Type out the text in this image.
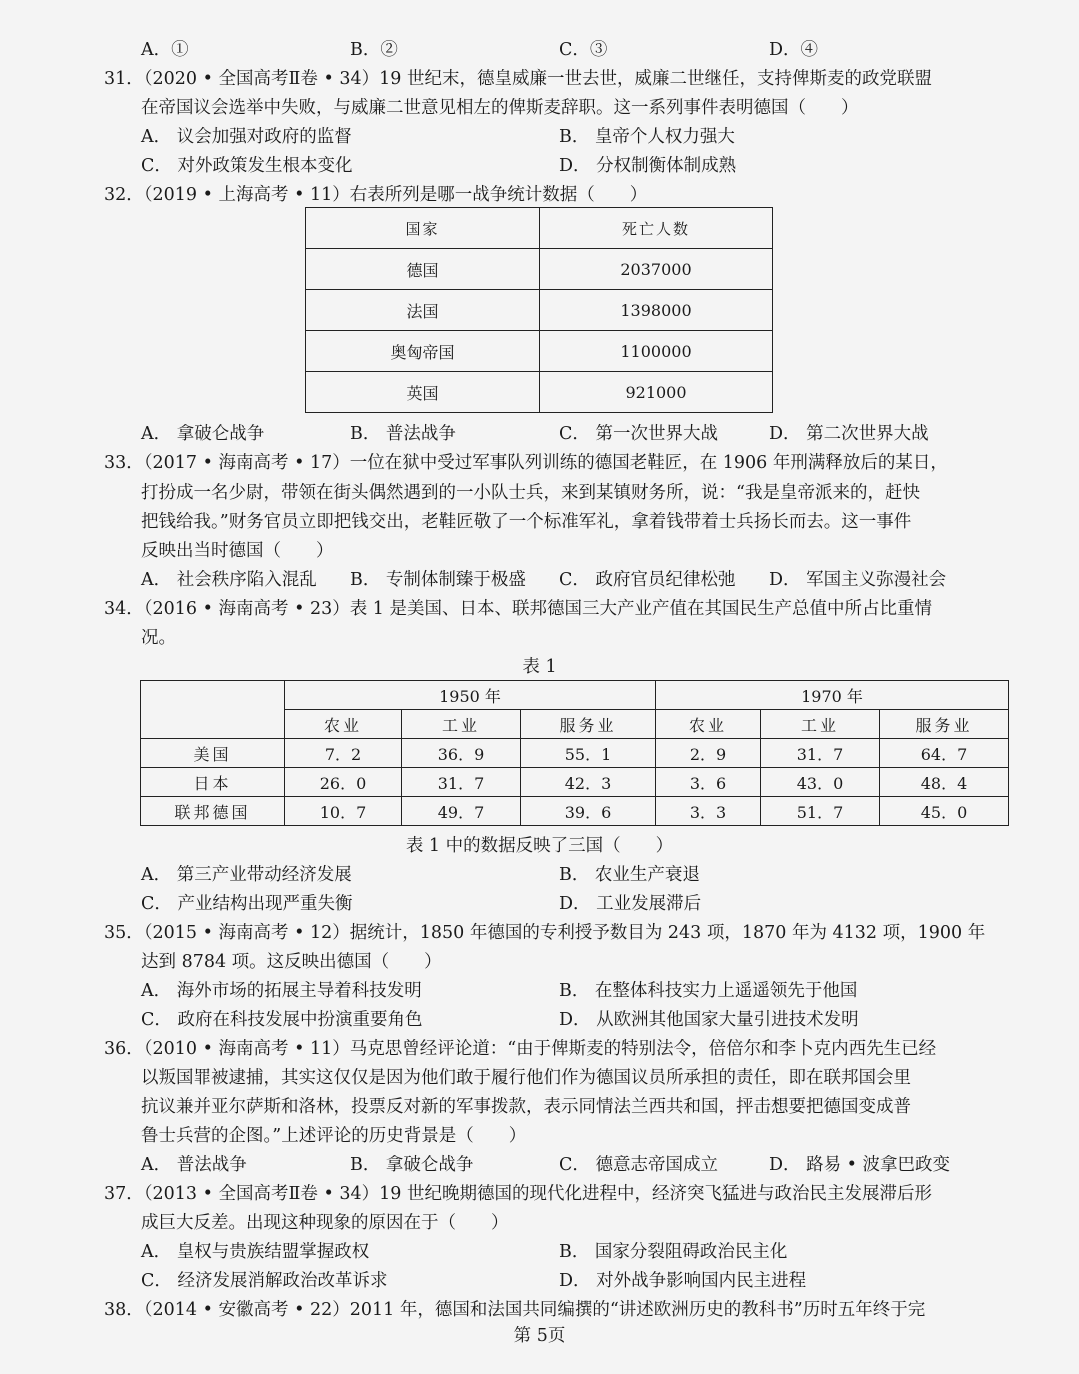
A．①	B．②	C．③	D．④
31．（2020 • 全国高考Ⅱ卷 • 34）19 世纪末，德皇威廉一世去世，威廉二世继任，支持俾斯麦的政党联盟
在帝国议会选举中失败，与威廉二世意见相左的俾斯麦辞职。这一系列事件表明德国（　　）
A． 议会加强对政府的监督	B． 皇帝个人权力强大
C． 对外政策发生根本变化	D． 分权制衡体制成熟
32．（2019 • 上海高考 • 11）右表所列是哪一战争统计数据（　　）
国家	死亡人数
德国	2037000
法国	1398000
奥匈帝国	1100000
英国	921000
A． 拿破仑战争	B． 普法战争	C． 第一次世界大战	D． 第二次世界大战
33．（2017 • 海南高考 • 17）一位在狱中受过军事队列训练的德国老鞋匠，在 1906 年刑满释放后的某日，
打扮成一名少尉，带领在街头偶然遇到的一小队士兵，来到某镇财务所，说：“我是皇帝派来的，赶快
把钱给我。”财务官员立即把钱交出，老鞋匠敬了一个标准军礼，拿着钱带着士兵扬长而去。这一事件
反映出当时德国（　　）
A． 社会秩序陷入混乱 B． 专制体制臻于极盛 C． 政府官员纪律松弛 D． 军国主义弥漫社会
34．（2016 • 海南高考 • 23）表 1 是美国、日本、联邦德国三大产业产值在其国民生产总值中所占比重情
况。
表 1
	1950 年			1970 年		
	农业	工业	服务业	农业	工业	服务业
美国	7．2	36．9	55．1	2．9	31．7	64．7
日本	26．0	31．7	42．3	3．6	43．0	48．4
联邦德国	10．7	49．7	39．6	3．3	51．7	45．0
表 1 中的数据反映了三国（　　）
A． 第三产业带动经济发展	B． 农业生产衰退
C． 产业结构出现严重失衡	D． 工业发展滞后
35．（2015 • 海南高考 • 12）据统计，1850 年德国的专利授予数目为 243 项，1870 年为 4132 项，1900 年
达到 8784 项。这反映出德国（　　）
A． 海外市场的拓展主导着科技发明	B． 在整体科技实力上遥遥领先于他国
C． 政府在科技发展中扮演重要角色	D． 从欧洲其他国家大量引进技术发明
36．（2010 • 海南高考 • 11）马克思曾经评论道：“由于俾斯麦的特别法令，倍倍尔和李卜克内西先生已经
以叛国罪被逮捕，其实这仅仅是因为他们敢于履行他们作为德国议员所承担的责任，即在联邦国会里
抗议兼并亚尔萨斯和洛林，投票反对新的军事拨款，表示同情法兰西共和国，抨击想要把德国变成普
鲁士兵营的企图。”上述评论的历史背景是（　　）
A． 普法战争	B． 拿破仑战争	C． 德意志帝国成立	D． 路易 • 波拿巴政变
37．（2013 • 全国高考Ⅱ卷 • 34）19 世纪晚期德国的现代化进程中，经济突飞猛进与政治民主发展滞后形
成巨大反差。出现这种现象的原因在于（　　）
A． 皇权与贵族结盟掌握政权	B． 国家分裂阻碍政治民主化
C． 经济发展消解政治改革诉求	D． 对外战争影响国内民主进程
38．（2014 • 安徽高考 • 22）2011 年，德国和法国共同编撰的“讲述欧洲历史的教科书”历时五年终于完
第 5页
